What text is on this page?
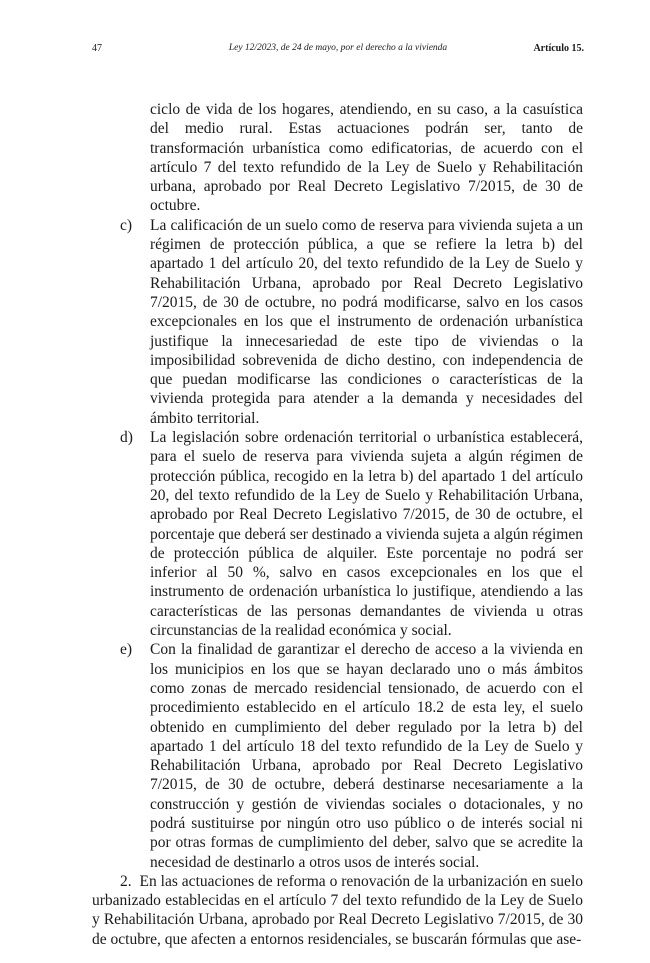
47	Ley 12/2023, de 24 de mayo, por el derecho a la vivienda	Artículo 15.

ciclo de vida de los hogares, atendiendo, en su caso, a la casuística del medio rural. Estas actuaciones podrán ser, tanto de transformación urbanística como edificatorias, de acuerdo con el artículo 7 del texto refundido de la Ley de Suelo y Rehabilitación urbana, aprobado por Real Decreto Legislativo 7/2015, de 30 de octubre.

c) La calificación de un suelo como de reserva para vivienda sujeta a un régimen de protección pública, a que se refiere la letra b) del apartado 1 del artículo 20, del texto refundido de la Ley de Suelo y Rehabilitación Urbana, aprobado por Real Decreto Legislativo 7/2015, de 30 de octubre, no podrá modificarse, salvo en los casos excepcionales en los que el instrumento de ordenación urbanística justifique la innecesariedad de este tipo de viviendas o la imposibilidad sobrevenida de dicho destino, con independencia de que puedan modificarse las condiciones o características de la vivienda protegida para atender a la demanda y necesidades del ámbito territorial.
d) La legislación sobre ordenación territorial o urbanística establecerá, para el suelo de reserva para vivienda sujeta a algún régimen de protección pública, recogido en la letra b) del apartado 1 del artículo 20, del texto refundido de la Ley de Suelo y Rehabilitación Urbana, aprobado por Real Decreto Legislativo 7/2015, de 30 de octubre, el porcentaje que deberá ser destinado a vivienda sujeta a algún régimen de protección pública de alquiler. Este porcentaje no podrá ser inferior al 50 %, salvo en casos excepcionales en los que el instrumento de ordenación urbanística lo justifique, atendiendo a las características de las personas demandantes de vivienda u otras circunstancias de la realidad económica y social.
e) Con la finalidad de garantizar el derecho de acceso a la vivienda en los municipios en los que se hayan declarado uno o más ámbitos como zonas de mercado residencial tensionado, de acuerdo con el procedimiento establecido en el artículo 18.2 de esta ley, el suelo obtenido en cumplimiento del deber regulado por la letra b) del apartado 1 del artículo 18 del texto refundido de la Ley de Suelo y Rehabilitación Urbana, aprobado por Real Decreto Legislativo 7/2015, de 30 de octubre, deberá destinarse necesariamente a la construcción y gestión de viviendas sociales o dotacionales, y no podrá sustituirse por ningún otro uso público o de interés social ni por otras formas de cumplimiento del deber, salvo que se acredite la necesidad de destinarlo a otros usos de interés social.

2. En las actuaciones de reforma o renovación de la urbanización en suelo urbanizado establecidas en el artículo 7 del texto refundido de la Ley de Suelo y Rehabilitación Urbana, aprobado por Real Decreto Legislativo 7/2015, de 30 de octubre, que afecten a entornos residenciales, se buscarán fórmulas que ase-
